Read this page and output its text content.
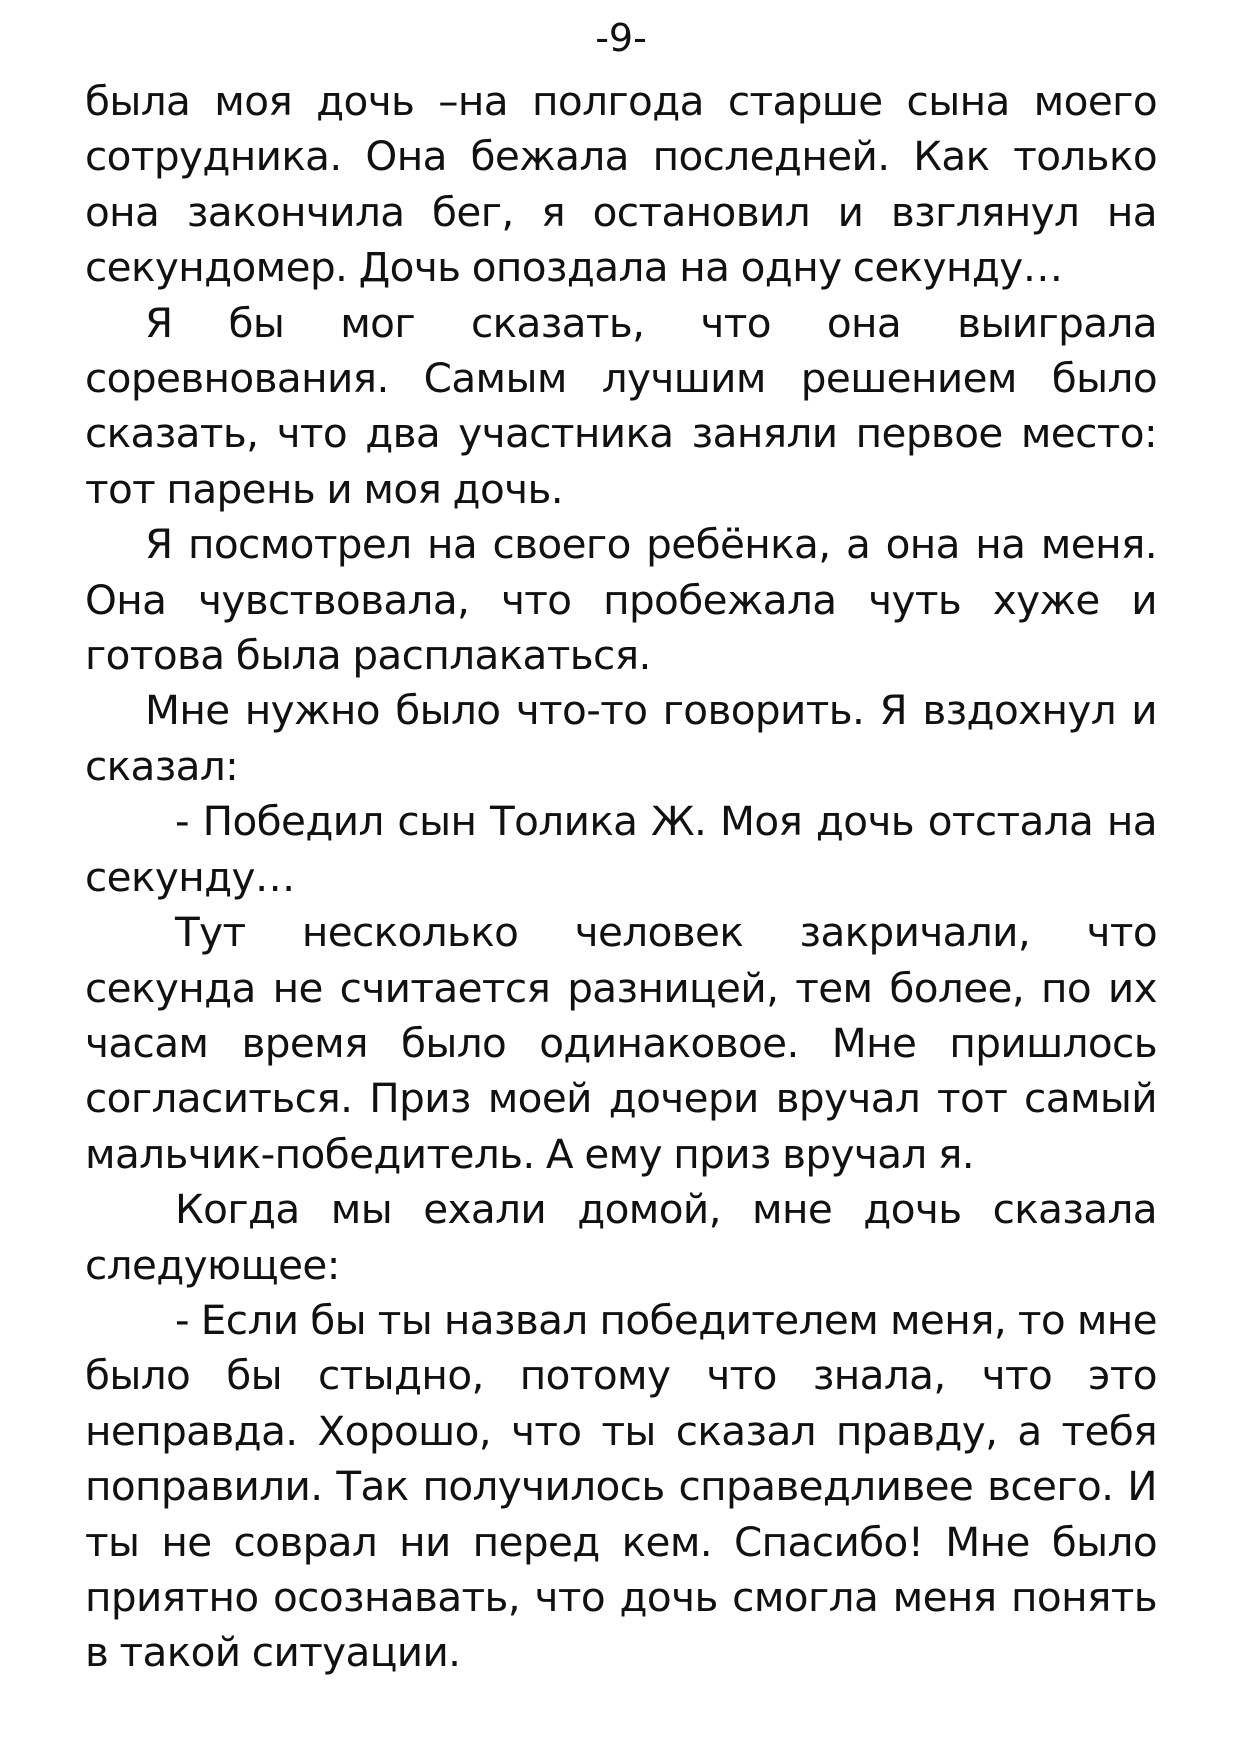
-9-

была моя дочь –на полгода старше сына моего сотрудника. Она бежала последней. Как только она закончила бег, я остановил и взглянул на секундомер. Дочь опоздала на одну секунду…

Я бы мог сказать, что она выиграла соревнования. Самым лучшим решением было сказать, что два участника заняли первое место: тот парень и моя дочь.

Я посмотрел на своего ребёнка, а она на меня. Она чувствовала, что пробежала чуть хуже и готова была расплакаться.

Мне нужно было что-то говорить. Я вздохнул и сказал:

- Победил сын Толика Ж. Моя дочь отстала на секунду…

Тут несколько человек закричали, что секунда не считается разницей, тем более, по их часам время было одинаковое. Мне пришлось согласиться. Приз моей дочери вручал тот самый мальчик-победитель. А ему приз вручал я.

Когда мы ехали домой, мне дочь сказала следующее:

- Если бы ты назвал победителем меня, то мне было бы стыдно, потому что знала, что это неправда. Хорошо, что ты сказал правду, а тебя поправили. Так получилось справедливее всего. И ты не соврал ни перед кем. Спасибо! Мне было приятно осознавать, что дочь смогла меня понять в такой ситуации.
